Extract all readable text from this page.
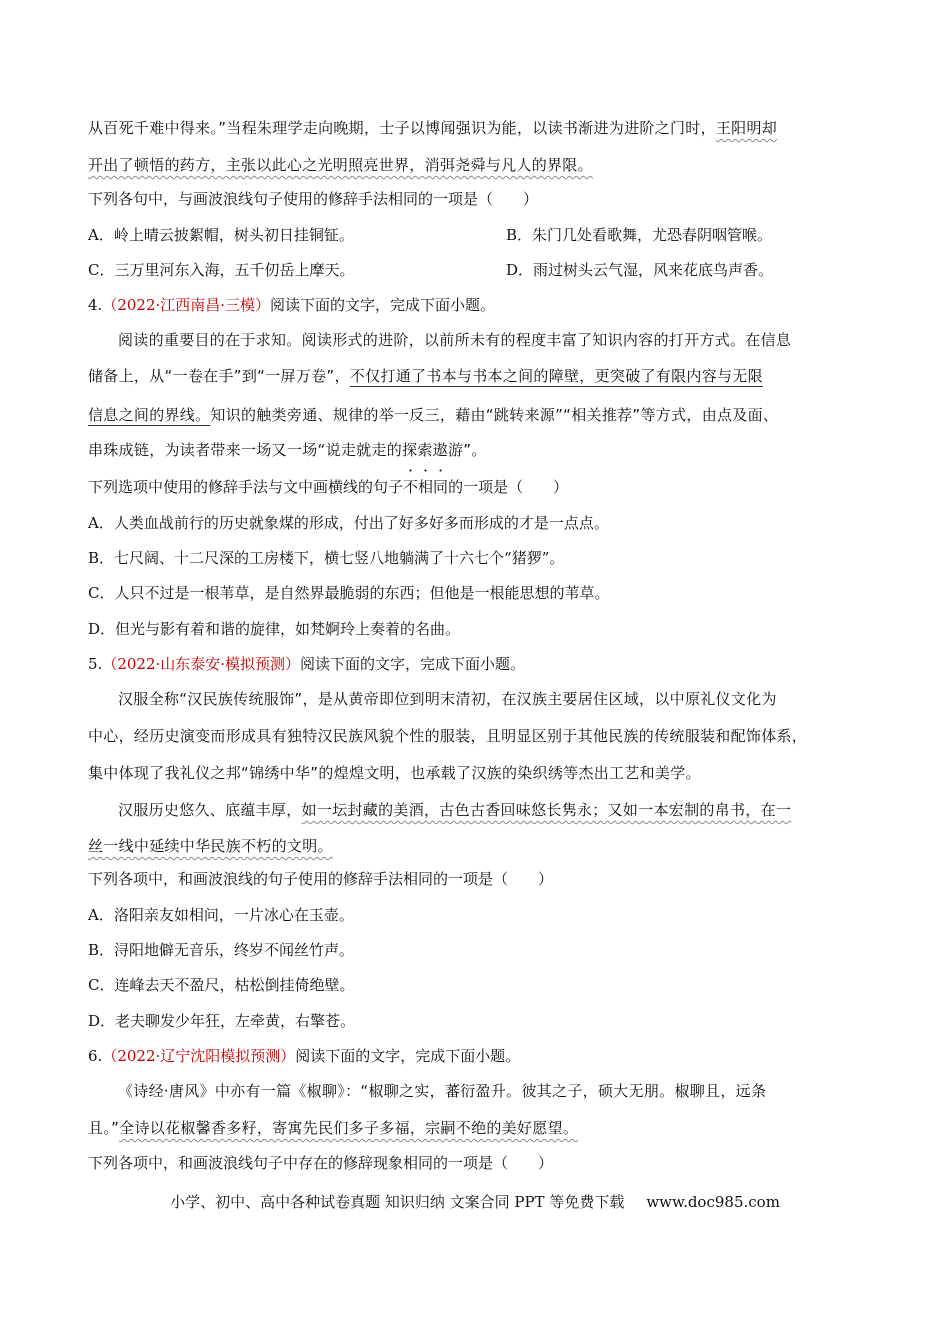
从百死千难中得来。”当程朱理学走向晚期，士子以博闻强识为能，以读书渐进为进阶之门时，王阳明却
开出了顿悟的药方，主张以此心之光明照亮世界，消弭尧舜与凡人的界限。
下列各句中，与画波浪线句子使用的修辞手法相同的一项是（　　）
A．岭上晴云披絮帽，树头初日挂铜钲。	B．朱门几处看歌舞，尤恐春阴咽管喉。
C．三万里河东入海，五千仞岳上摩天。	D．雨过树头云气湿，风来花底鸟声香。
4.（2022·江西南昌·三模）阅读下面的文字，完成下面小题。
阅读的重要目的在于求知。阅读形式的进阶，以前所未有的程度丰富了知识内容的打开方式。在信息
储备上，从“一卷在手”到“一屏万卷”，不仅打通了书本与书本之间的障壁，更突破了有限内容与无限
信息之间的界线。知识的触类旁通、规律的举一反三，藉由“跳转来源”“相关推荐”等方式，由点及面、
串珠成链，为读者带来一场又一场“说走就走的探索遨游”。
下列选项中使用的修辞手法与文中画横线的句子不相同的一项是（　　）
A．人类血战前行的历史就象煤的形成，付出了好多好多而形成的才是一点点。
B．七尺阔、十二尺深的工房楼下，横七竖八地躺满了十六七个“猪猡”。
C．人只不过是一根苇草，是自然界最脆弱的东西；但他是一根能思想的苇草。
D．但光与影有着和谐的旋律，如梵婀玲上奏着的名曲。
5.（2022·山东泰安·模拟预测）阅读下面的文字，完成下面小题。
汉服全称“汉民族传统服饰”，是从黄帝即位到明末清初，在汉族主要居住区域，以中原礼仪文化为
中心，经历史演变而形成具有独特汉民族风貌个性的服装，且明显区别于其他民族的传统服装和配饰体系，
集中体现了我礼仪之邦“锦绣中华”的煌煌文明，也承载了汉族的染织绣等杰出工艺和美学。
汉服历史悠久、底蕴丰厚，如一坛封藏的美酒，古色古香回味悠长隽永；又如一本宏制的帛书，在一
丝一线中延续中华民族不朽的文明。
下列各项中，和画波浪线的句子使用的修辞手法相同的一项是（　　）
A．洛阳亲友如相问，一片冰心在玉壶。
B．浔阳地僻无音乐，终岁不闻丝竹声。
C．连峰去天不盈尺，枯松倒挂倚绝壁。
D．老夫聊发少年狂，左牵黄，右擎苍。
6.（2022·辽宁沈阳模拟预测）阅读下面的文字，完成下面小题。
《诗经·唐风》中亦有一篇《椒聊》：“椒聊之实，蕃衍盈升。彼其之子，硕大无朋。椒聊且，远条
且。”全诗以花椒馨香多籽，寄寓先民们多子多福，宗嗣不绝的美好愿望。
下列各项中，和画波浪线句子中存在的修辞现象相同的一项是（　　）
小学、初中、高中各种试卷真题 知识归纳 文案合同 PPT 等免费下载 www.doc985.com
